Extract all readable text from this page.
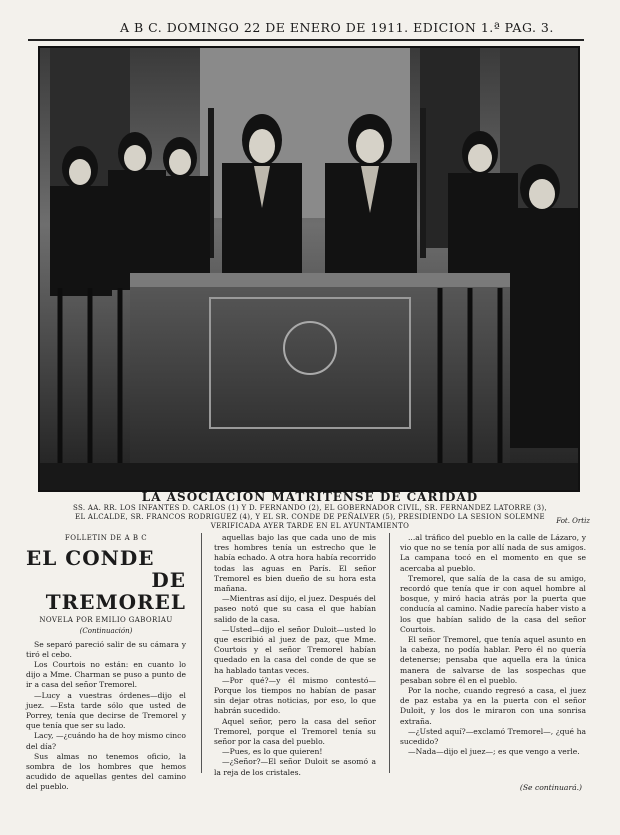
A B C. DOMINGO 22 DE ENERO DE 1911. EDICION 1.ª PAG. 3.
LA ASOCIACION MATRITENSE DE CARIDAD
SS. AA. RR. LOS INFANTES D. CARLOS (1) Y D. FERNANDO (2), EL GOBERNADOR CIVIL, SR. FERNANDEZ LATORRE (3),
EL ALCALDE, SR. FRANCOS RODRIGUEZ (4), Y EL SR. CONDE DE PEÑALVER (5), PRESIDIENDO LA SESION SOLEMNE
VERIFICADA AYER TARDE EN EL AYUNTAMIENTO
Fot. Ortiz
FOLLETIN DE A B C
EL CONDE
DE TREMOREL
NOVELA POR EMILIO GABORIAU
(Continuación)

Se separó pareció salir de su cámara y tiró el cebo.

Los Courtois no están: en cuanto lo dijo a Mme. Charman se puso a punto de ir a casa del señor Tremorel.

—Lucy a vuestras órdenes—dijo el juez. —Esta tarde sólo que usted de Porrey, tenía que decirse de Tremorel y que tenía que ser su lado.

Lacy, —¿cuándo ha de hoy mismo cinco del día?

Sus almas no tenemos oficio, la sombra de los hombres que hemos acudido de aquellas gentes del camino del pueblo.

aquellas bajo las que cada uno de mis tres hombres tenía un estrecho que le había echado. A otra hora había recorrido todas las aguas en París. El señor Tremorel es bien dueño de su hora esta mañana.

—Mientras así dijo, el juez. Después del paseo notó que su casa el que habían salido de la casa.

—Usted—dijo el señor Duloit—usted lo que escribió al juez de paz, que Mme. Courtois y el señor Tremorel habían quedado en la casa del conde de que se ha hablado tantas veces.

—Por qué?—y él mismo contestó—Porque los tiempos no habían de pasar sin dejar otras noticias, por eso, lo que habrán sucedido.

Aquel señor, pero la casa del señor Tremorel, porque el Tremorel tenía su señor por la casa del pueblo.

—Pues, es lo que quieren!

—¿Señor?—El señor Duloit se asomó a la reja de los cristales.

...al tráfico del pueblo en la calle de Lázaro, y vio que no se tenía por allí nada de sus amigos. La campana tocó en el momento en que se acercaba al pueblo.

Tremorel, que salía de la casa de su amigo, recordó que tenía que ir con aquel hombre al bosque, y miró hacia atrás por la puerta que conducía al camino. Nadie parecía haber visto a los que habían salido de la casa del señor Courtois.

El señor Tremorel, que tenía aquel asunto en la cabeza, no podía hablar. Pero él no quería detenerse; pensaba que aquella era la única manera de salvarse de las sospechas que pesaban sobre él en el pueblo.

Por la noche, cuando regresó a casa, el juez de paz estaba ya en la puerta con el señor Duloit, y los dos le miraron con una sonrisa extraña.

—¿Usted aquí?—exclamó Tremorel—, ¿qué ha sucedido?

—Nada—dijo el juez—; es que vengo a verle.

(Se continuará.)
